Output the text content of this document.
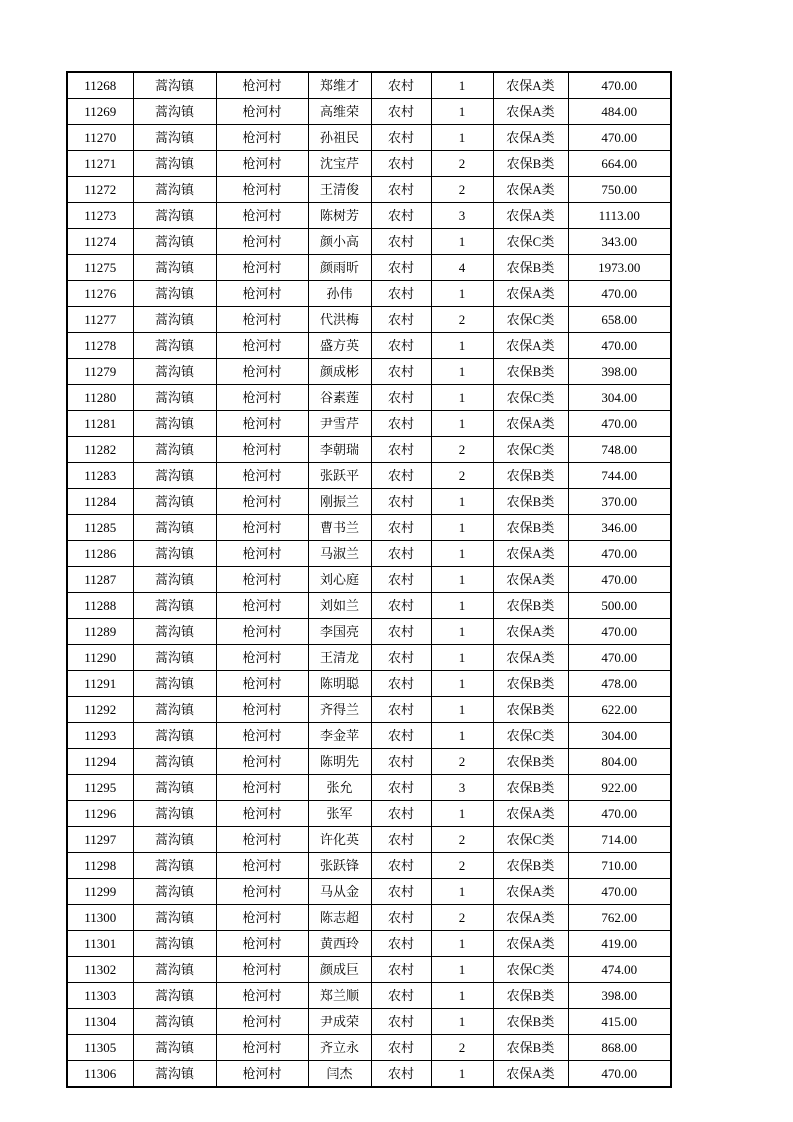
11268	蒿沟镇	枪河村	郑维才	农村	1	农保A类	470.00
11269	蒿沟镇	枪河村	高维荣	农村	1	农保A类	484.00
11270	蒿沟镇	枪河村	孙祖民	农村	1	农保A类	470.00
11271	蒿沟镇	枪河村	沈宝芹	农村	2	农保B类	664.00
11272	蒿沟镇	枪河村	王清俊	农村	2	农保A类	750.00
11273	蒿沟镇	枪河村	陈树芳	农村	3	农保A类	1113.00
11274	蒿沟镇	枪河村	颜小高	农村	1	农保C类	343.00
11275	蒿沟镇	枪河村	颜雨昕	农村	4	农保B类	1973.00
11276	蒿沟镇	枪河村	孙伟	农村	1	农保A类	470.00
11277	蒿沟镇	枪河村	代洪梅	农村	2	农保C类	658.00
11278	蒿沟镇	枪河村	盛方英	农村	1	农保A类	470.00
11279	蒿沟镇	枪河村	颜成彬	农村	1	农保B类	398.00
11280	蒿沟镇	枪河村	谷素莲	农村	1	农保C类	304.00
11281	蒿沟镇	枪河村	尹雪芹	农村	1	农保A类	470.00
11282	蒿沟镇	枪河村	李朝瑞	农村	2	农保C类	748.00
11283	蒿沟镇	枪河村	张跃平	农村	2	农保B类	744.00
11284	蒿沟镇	枪河村	刚振兰	农村	1	农保B类	370.00
11285	蒿沟镇	枪河村	曹书兰	农村	1	农保B类	346.00
11286	蒿沟镇	枪河村	马淑兰	农村	1	农保A类	470.00
11287	蒿沟镇	枪河村	刘心庭	农村	1	农保A类	470.00
11288	蒿沟镇	枪河村	刘如兰	农村	1	农保B类	500.00
11289	蒿沟镇	枪河村	李国亮	农村	1	农保A类	470.00
11290	蒿沟镇	枪河村	王清龙	农村	1	农保A类	470.00
11291	蒿沟镇	枪河村	陈明聪	农村	1	农保B类	478.00
11292	蒿沟镇	枪河村	齐得兰	农村	1	农保B类	622.00
11293	蒿沟镇	枪河村	李金苹	农村	1	农保C类	304.00
11294	蒿沟镇	枪河村	陈明先	农村	2	农保B类	804.00
11295	蒿沟镇	枪河村	张允	农村	3	农保B类	922.00
11296	蒿沟镇	枪河村	张军	农村	1	农保A类	470.00
11297	蒿沟镇	枪河村	许化英	农村	2	农保C类	714.00
11298	蒿沟镇	枪河村	张跃锋	农村	2	农保B类	710.00
11299	蒿沟镇	枪河村	马从金	农村	1	农保A类	470.00
11300	蒿沟镇	枪河村	陈志超	农村	2	农保A类	762.00
11301	蒿沟镇	枪河村	黄西玲	农村	1	农保A类	419.00
11302	蒿沟镇	枪河村	颜成巨	农村	1	农保C类	474.00
11303	蒿沟镇	枪河村	郑兰顺	农村	1	农保B类	398.00
11304	蒿沟镇	枪河村	尹成荣	农村	1	农保B类	415.00
11305	蒿沟镇	枪河村	齐立永	农村	2	农保B类	868.00
11306	蒿沟镇	枪河村	闫杰	农村	1	农保A类	470.00
